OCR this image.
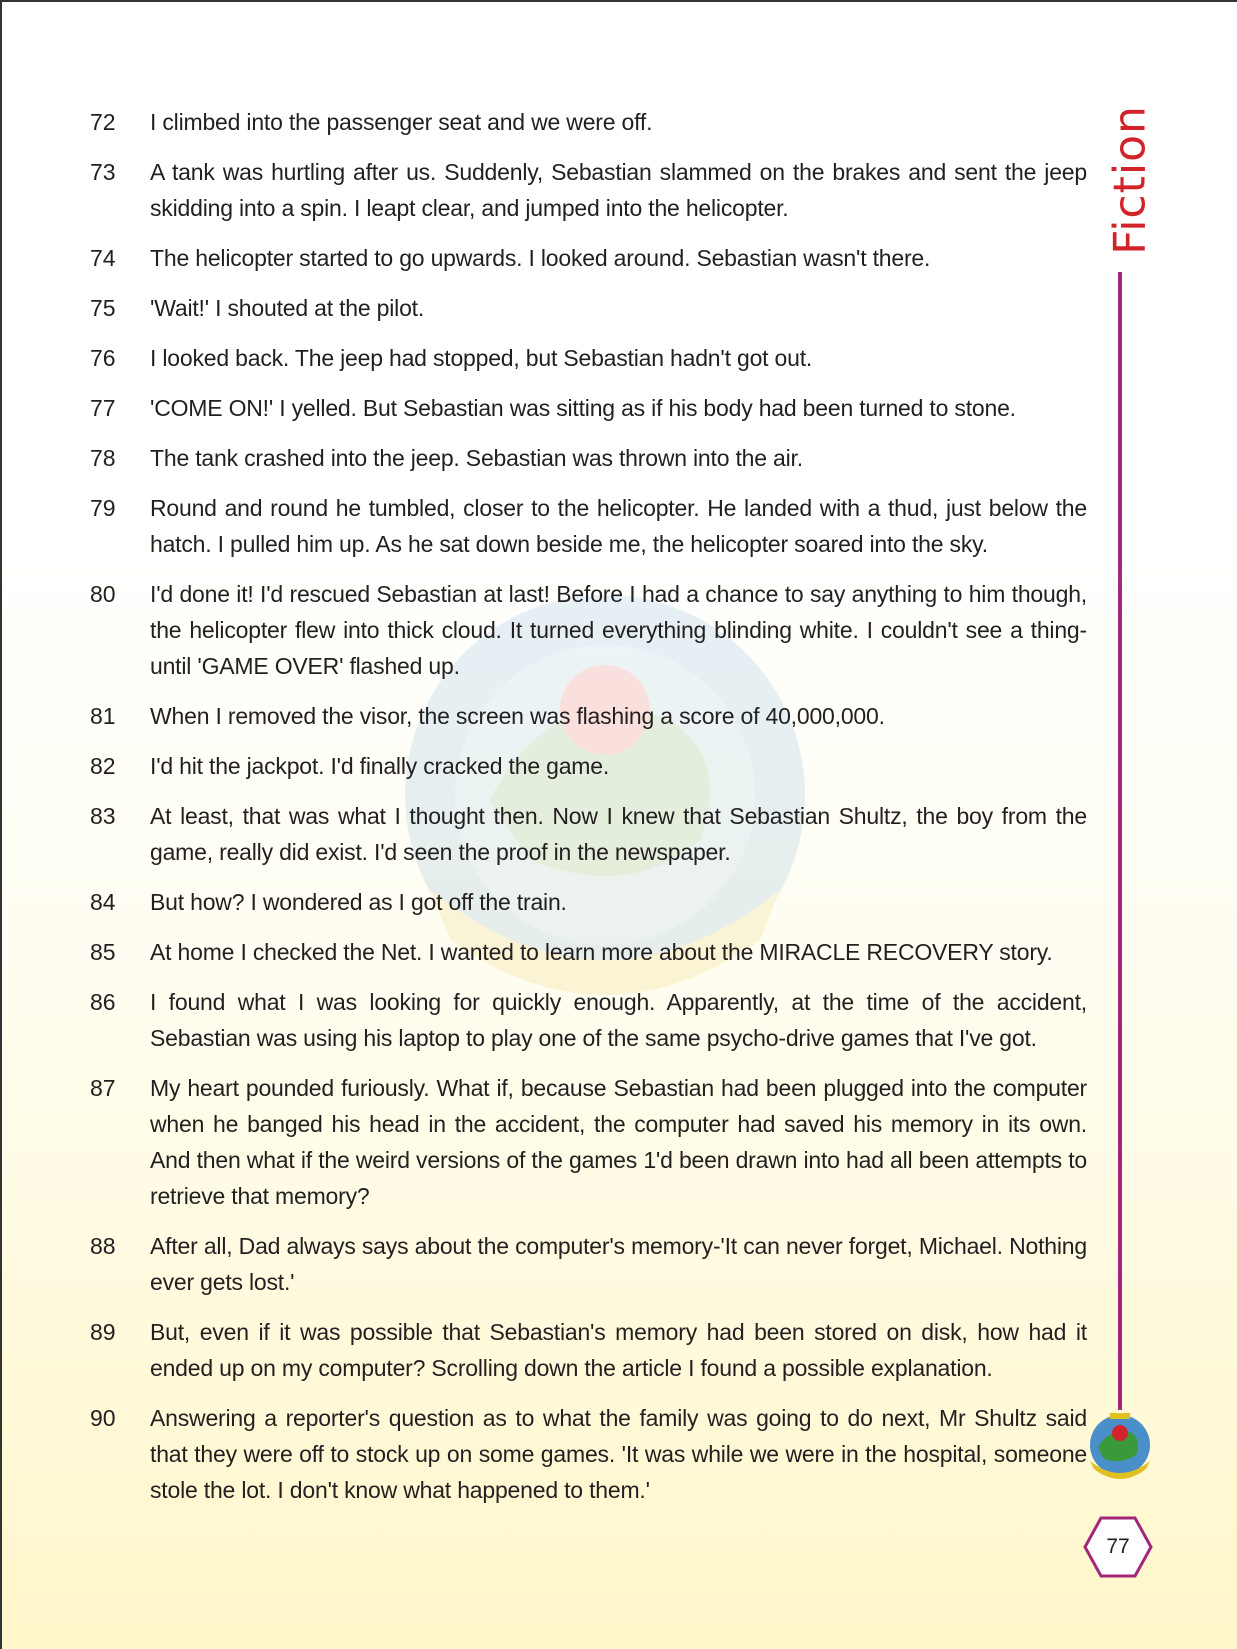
72	I climbed into the passenger seat and we were off.
73	A tank was hurtling after us. Suddenly, Sebastian slammed on the brakes and sent the jeep skidding into a spin. I leapt clear, and jumped into the helicopter.
74	The helicopter started to go upwards. I looked around. Sebastian wasn't there.
75	'Wait!' I shouted at the pilot.
76	I looked back. The jeep had stopped, but Sebastian hadn't got out.
77	'COME ON!' I yelled. But Sebastian was sitting as if his body had been turned to stone.
78	The tank crashed into the jeep. Sebastian was thrown into the air.
79	Round and round he tumbled, closer to the helicopter. He landed with a thud, just below the hatch. I pulled him up. As he sat down beside me, the helicopter soared into the sky.
80	I'd done it! I'd rescued Sebastian at last! Before I had a chance to say anything to him though, the helicopter flew into thick cloud. It turned everything blinding white. I couldn't see a thing-until 'GAME OVER' flashed up.
81	When I removed the visor, the screen was flashing a score of 40,000,000.
82	I'd hit the jackpot. I'd finally cracked the game.
83	At least, that was what I thought then. Now I knew that Sebastian Shultz, the boy from the game, really did exist. I'd seen the proof in the newspaper.
84	But how? I wondered as I got off the train.
85	At home I checked the Net. I wanted to learn more about the MIRACLE RECOVERY story.
86	I found what I was looking for quickly enough. Apparently, at the time of the accident, Sebastian was using his laptop to play one of the same psycho-drive games that I've got.
87	My heart pounded furiously. What if, because Sebastian had been plugged into the computer when he banged his head in the accident, the computer had saved his memory in its own. And then what if the weird versions of the games 1'd been drawn into had all been attempts to retrieve that memory?
88	After all, Dad always says about the computer's memory-'It can never forget, Michael. Nothing ever gets lost.'
89	But, even if it was possible that Sebastian's memory had been stored on disk, how had it ended up on my computer? Scrolling down the article I found a possible explanation.
90	Answering a reporter's question as to what the family was going to do next, Mr Shultz said that they were off to stock up on some games. 'It was while we were in the hospital, someone stole the lot. I don't know what happened to them.'
Fiction
77
